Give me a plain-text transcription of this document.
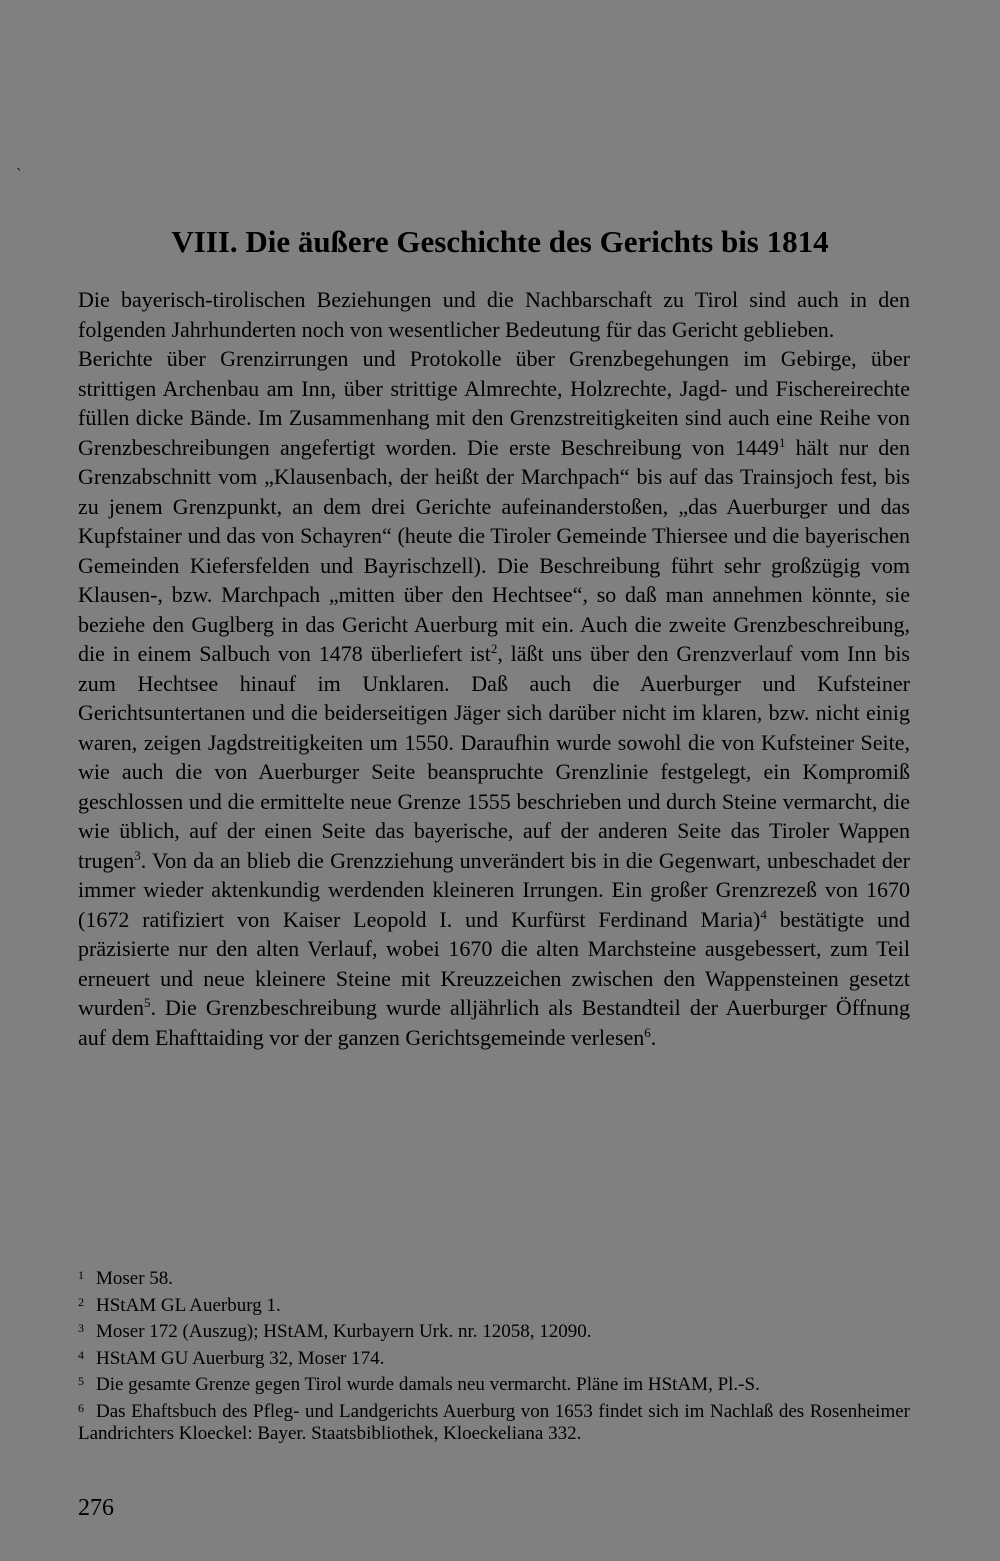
`
VIII. Die äußere Geschichte des Gerichts bis 1814

Die bayerisch-tirolischen Beziehungen und die Nachbarschaft zu Tirol sind auch in den folgenden Jahrhunderten noch von wesentlicher Bedeutung für das Gericht geblieben.

Berichte über Grenzirrungen und Protokolle über Grenzbegehungen im Gebirge, über strittigen Archenbau am Inn, über strittige Almrechte, Holzrechte, Jagd- und Fischereirechte füllen dicke Bände. Im Zusammenhang mit den Grenzstreitigkeiten sind auch eine Reihe von Grenzbeschreibungen angefertigt worden. Die erste Beschreibung von 1449$^1$ hält nur den Grenzabschnitt vom „Klausenbach, der heißt der Marchpach“ bis auf das Trainsjoch fest, bis zu jenem Grenzpunkt, an dem drei Gerichte aufeinanderstoßen, „das Auerburger und das Kupfstainer und das von Schayren“ (heute die Tiroler Gemeinde Thiersee und die bayerischen Gemeinden Kiefersfelden und Bayrischzell). Die Beschreibung führt sehr großzügig vom Klausen-, bzw. Marchpach „mitten über den Hechtsee“, so daß man annehmen könnte, sie beziehe den Guglberg in das Gericht Auerburg mit ein. Auch die zweite Grenzbeschreibung, die in einem Salbuch von 1478 überliefert ist$^2$, läßt uns über den Grenzverlauf vom Inn bis zum Hechtsee hinauf im Unklaren. Daß auch die Auerburger und Kufsteiner Gerichtsuntertanen und die beiderseitigen Jäger sich darüber nicht im klaren, bzw. nicht einig waren, zeigen Jagdstreitigkeiten um 1550. Daraufhin wurde sowohl die von Kufsteiner Seite, wie auch die von Auerburger Seite beanspruchte Grenzlinie festgelegt, ein Kompromiß geschlossen und die ermittelte neue Grenze 1555 beschrieben und durch Steine vermarcht, die wie üblich, auf der einen Seite das bayerische, auf der anderen Seite das Tiroler Wappen trugen$^3$. Von da an blieb die Grenzziehung unverändert bis in die Gegenwart, unbeschadet der immer wieder aktenkundig werdenden kleineren Irrungen. Ein großer Grenzrezeß von 1670 (1672 ratifiziert von Kaiser Leopold I. und Kurfürst Ferdinand Maria)$^4$ bestätigte und präzisierte nur den alten Verlauf, wobei 1670 die alten Marchsteine ausgebessert, zum Teil erneuert und neue kleinere Steine mit Kreuzzeichen zwischen den Wappensteinen gesetzt wurden$^5$. Die Grenzbeschreibung wurde alljährlich als Bestandteil der Auerburger Öffnung auf dem Ehafttaiding vor der ganzen Gerichtsgemeinde verlesen$^6$.

1 Moser 58.

2 HStAM GL Auerburg 1.

3 Moser 172 (Auszug); HStAM, Kurbayern Urk. nr. 12058, 12090.

4 HStAM GU Auerburg 32, Moser 174.

5 Die gesamte Grenze gegen Tirol wurde damals neu vermarcht. Pläne im HStAM, Pl.-S.

6 Das Ehaftsbuch des Pfleg- und Landgerichts Auerburg von 1653 findet sich im Nachlaß des Rosenheimer Landrichters Kloeckel: Bayer. Staatsbibliothek, Kloeckeliana 332.

276
